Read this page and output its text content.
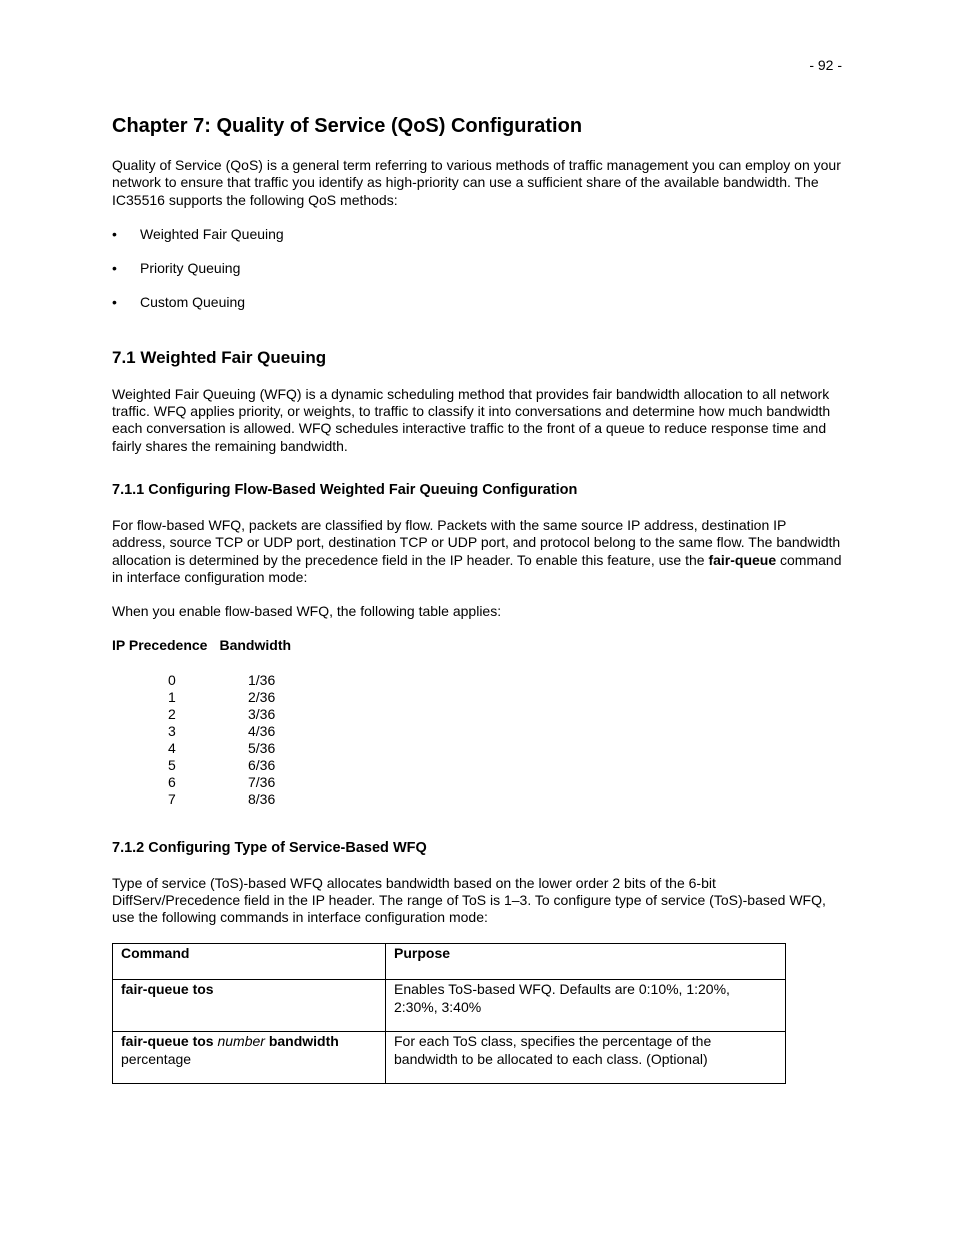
- 92 -
Chapter 7: Quality of Service (QoS) Configuration

Quality of Service (QoS) is a general term referring to various methods of traffic management you can employ on your network to ensure that traffic you identify as high-priority can use a sufficient share of the available bandwidth. The IC35516 supports the following QoS methods:

• Weighted Fair Queuing
• Priority Queuing
• Custom Queuing
7.1 Weighted Fair Queuing

Weighted Fair Queuing (WFQ) is a dynamic scheduling method that provides fair bandwidth allocation to all network traffic. WFQ applies priority, or weights, to traffic to classify it into conversations and determine how much bandwidth each conversation is allowed. WFQ schedules interactive traffic to the front of a queue to reduce response time and fairly shares the remaining bandwidth.

7.1.1 Configuring Flow-Based Weighted Fair Queuing Configuration

For flow-based WFQ, packets are classified by flow. Packets with the same source IP address, destination IP address, source TCP or UDP port, destination TCP or UDP port, and protocol belong to the same flow. The bandwidth allocation is determined by the precedence field in the IP header. To enable this feature, use the fair-queue command in interface configuration mode:

When you enable flow-based WFQ, the following table applies:

IP Precedence Bandwidth
0	1/36
1	2/36
2	3/36
3	4/36
4	5/36
5	6/36
6	7/36
7	8/36
7.1.2 Configuring Type of Service-Based WFQ

Type of service (ToS)-based WFQ allocates bandwidth based on the lower order 2 bits of the 6-bit DiffServ/Precedence field in the IP header. The range of ToS is 1–3. To configure type of service (ToS)-based WFQ, use the following commands in interface configuration mode:

Command	Purpose
fair-queue tos	Enables ToS-based WFQ. Defaults are 0:10%, 1:20%, 2:30%, 3:40%
fair-queue tos number bandwidth
percentage	For each ToS class, specifies the percentage of the bandwidth to be allocated to each class. (Optional)
